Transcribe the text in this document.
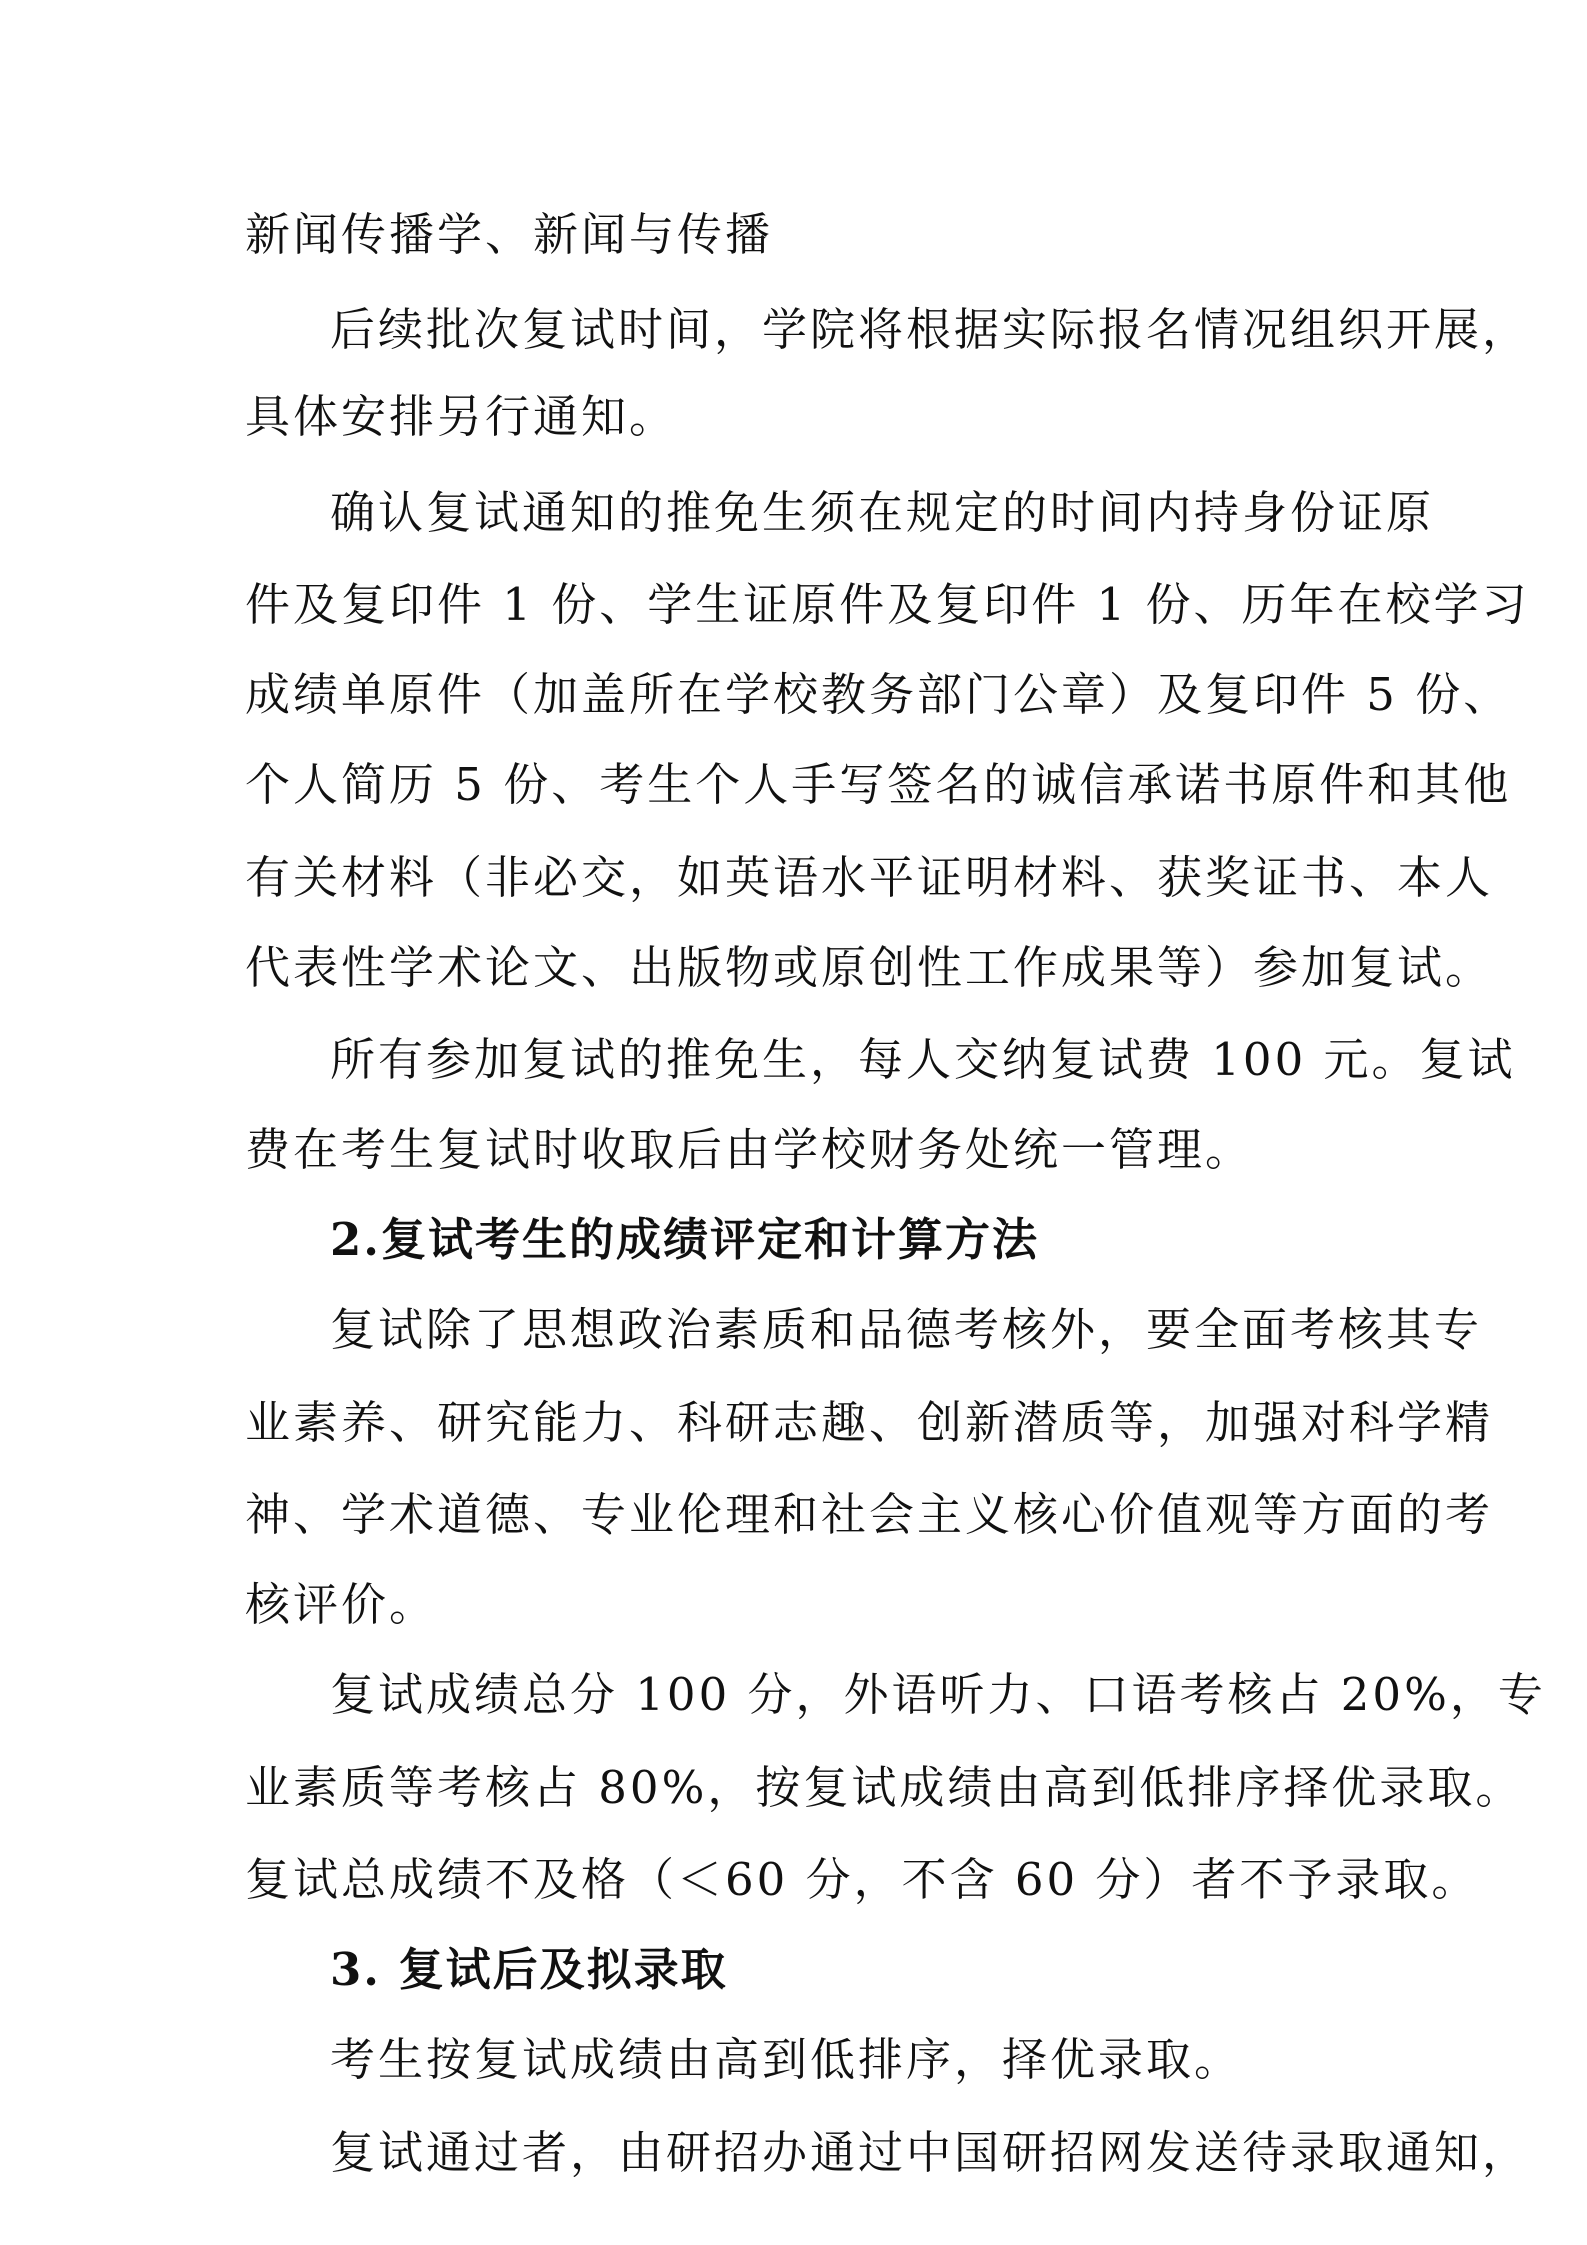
新闻传播学、新闻与传播
后续批次复试时间，学院将根据实际报名情况组织开展，
具体安排另行通知。
确认复试通知的推免生须在规定的时间内持身份证原
件及复印件 1 份、学生证原件及复印件 1 份、历年在校学习
成绩单原件（加盖所在学校教务部门公章）及复印件 5 份、
个人简历 5 份、考生个人手写签名的诚信承诺书原件和其他
有关材料（非必交，如英语水平证明材料、获奖证书、本人
代表性学术论文、出版物或原创性工作成果等）参加复试。
所有参加复试的推免生，每人交纳复试费 100 元。复试
费在考生复试时收取后由学校财务处统一管理。
2.复试考生的成绩评定和计算方法
复试除了思想政治素质和品德考核外，要全面考核其专
业素养、研究能力、科研志趣、创新潜质等，加强对科学精
神、学术道德、专业伦理和社会主义核心价值观等方面的考
核评价。
复试成绩总分 100 分，外语听力、口语考核占 20%，专
业素质等考核占 80%，按复试成绩由高到低排序择优录取。
复试总成绩不及格（＜60 分，不含 60 分）者不予录取。
3. 复试后及拟录取
考生按复试成绩由高到低排序，择优录取。
复试通过者，由研招办通过中国研招网发送待录取通知，
